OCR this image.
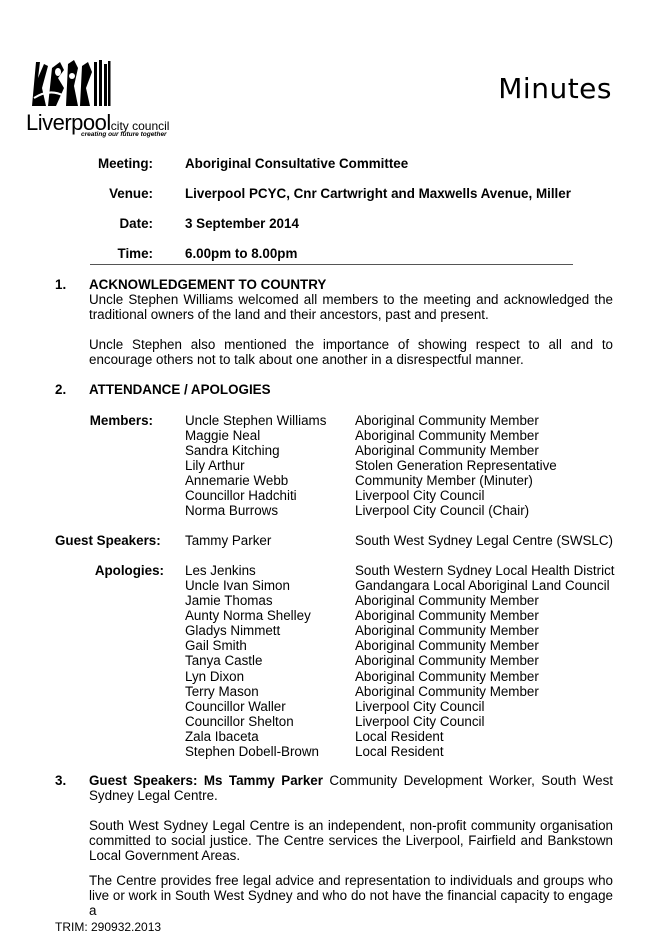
Liverpoolcity council
creating our future together
Minutes
Meeting: Aboriginal Consultative Committee
Venue: Liverpool PCYC, Cnr Cartwright and Maxwells Avenue, Miller
Date: 3 September 2014
Time: 6.00pm to 8.00pm
1. ACKNOWLEDGEMENT TO COUNTRY
Uncle Stephen Williams welcomed all members to the meeting and acknowledged the traditional owners of the land and their ancestors, past and present.
Uncle Stephen also mentioned the importance of showing respect to all and to encourage others not to talk about one another in a disrespectful manner.
2. ATTENDANCE / APOLOGIES
Members: Uncle Stephen Williams
Maggie Neal
Sandra Kitching
Lily Arthur
Annemarie Webb
Councillor Hadchiti
Norma Burrows
Aboriginal Community Member
Aboriginal Community Member
Aboriginal Community Member
Stolen Generation Representative
Community Member (Minuter)
Liverpool City Council
Liverpool City Council (Chair)
Guest Speakers: Tammy Parker	South West Sydney Legal Centre (SWSLC)
Apologies: Les Jenkins
Uncle Ivan Simon
Jamie Thomas
Aunty Norma Shelley
Gladys Nimmett
Gail Smith
Tanya Castle
Lyn Dixon
Terry Mason
Councillor Waller
Councillor Shelton
Zala Ibaceta
Stephen Dobell-Brown
South Western Sydney Local Health District
Gandangara Local Aboriginal Land Council
Aboriginal Community Member
Aboriginal Community Member
Aboriginal Community Member
Aboriginal Community Member
Aboriginal Community Member
Aboriginal Community Member
Aboriginal Community Member
Liverpool City Council
Liverpool City Council
Local Resident
Local Resident
3. Guest Speakers: Ms Tammy Parker Community Development Worker, South West Sydney Legal Centre.
South West Sydney Legal Centre is an independent, non-profit community organisation committed to social justice. The Centre services the Liverpool, Fairfield and Bankstown Local Government Areas.
The Centre provides free legal advice and representation to individuals and groups who live or work in South West Sydney and who do not have the financial capacity to engage a
TRIM: 290932.2013
